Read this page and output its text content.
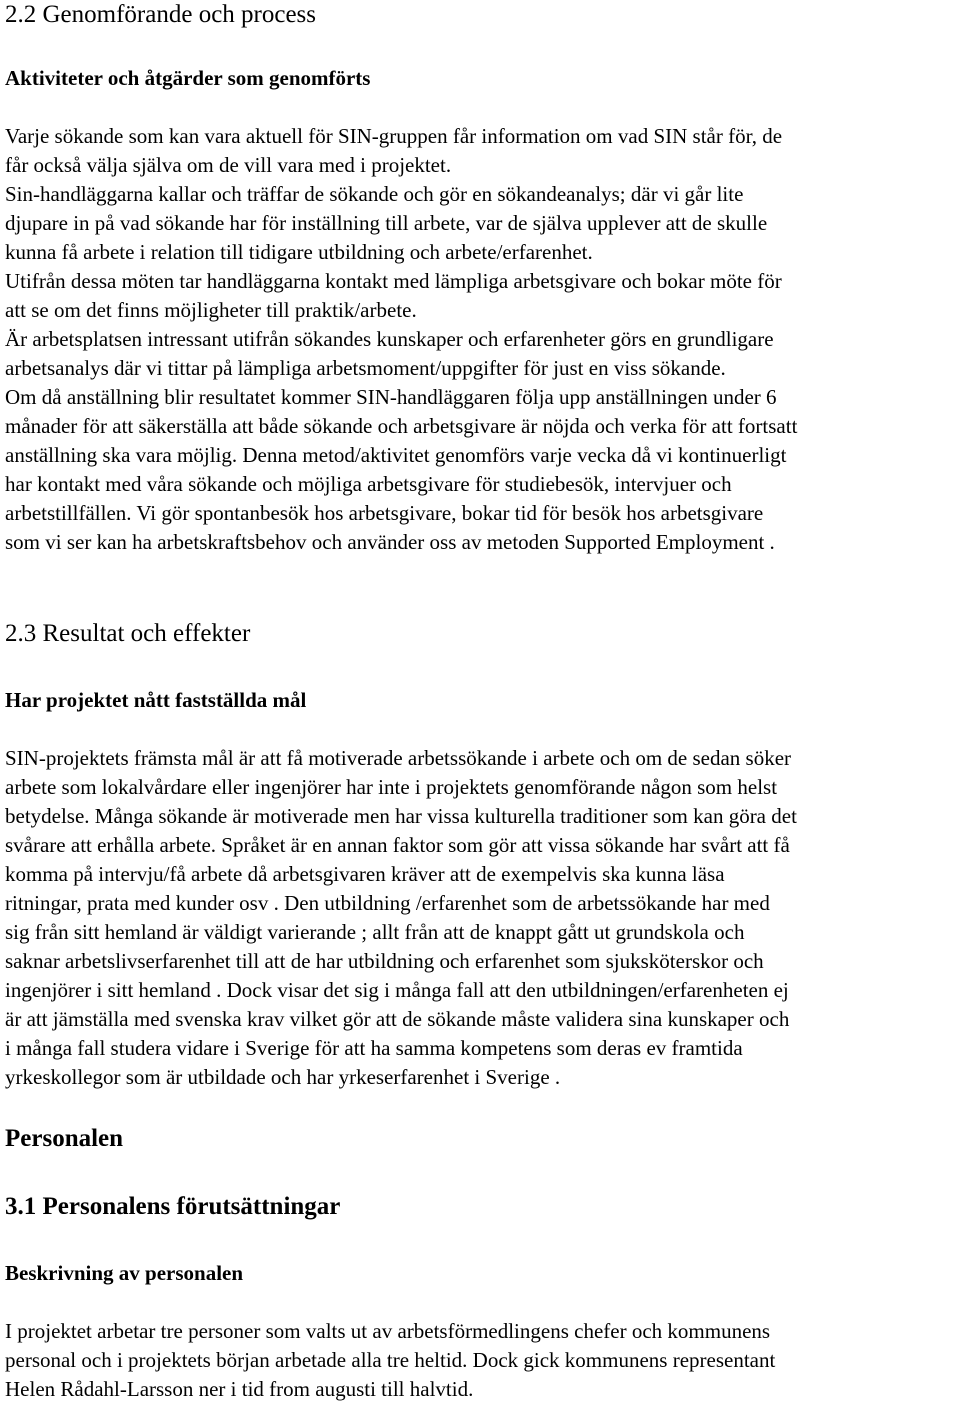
2.2 Genomförande och process
Aktiviteter och åtgärder som genomförts
Varje sökande som kan vara aktuell för SIN-gruppen får information om vad SIN står för, de
får också välja själva om de vill vara med i projektet.
Sin-handläggarna kallar och träffar de sökande och gör en sökandeanalys; där vi går lite
djupare in på vad sökande har för inställning till arbete, var de själva upplever att de skulle
kunna få arbete i relation till tidigare utbildning och arbete/erfarenhet.
Utifrån dessa möten tar handläggarna kontakt med lämpliga arbetsgivare och bokar möte för
att se om det finns möjligheter till praktik/arbete.
Är arbetsplatsen intressant utifrån sökandes kunskaper och erfarenheter görs en grundligare
arbetsanalys där vi tittar på lämpliga arbetsmoment/uppgifter för just en viss sökande.
Om då anställning blir resultatet kommer SIN-handläggaren följa upp anställningen under 6
månader för att säkerställa att både sökande och arbetsgivare är nöjda och verka för att fortsatt
anställning ska vara möjlig. Denna metod/aktivitet genomförs varje vecka då vi kontinuerligt
har kontakt med våra sökande och möjliga arbetsgivare för studiebesök, intervjuer och
arbetstillfällen. Vi gör spontanbesök hos arbetsgivare, bokar tid för besök hos arbetsgivare
som vi ser kan ha arbetskraftsbehov och använder oss av metoden Supported Employment .
2.3 Resultat och effekter
Har projektet nått fastställda mål
SIN-projektets främsta mål är att få motiverade arbetssökande i arbete och om de sedan söker
arbete som lokalvårdare eller ingenjörer har inte i projektets genomförande någon som helst
betydelse. Många sökande är motiverade men har vissa kulturella traditioner som kan göra det
svårare att erhålla arbete. Språket är en annan faktor som gör att vissa sökande har svårt att få
komma på intervju/få arbete då arbetsgivaren kräver att de exempelvis ska kunna läsa
ritningar, prata med kunder osv . Den utbildning /erfarenhet som de arbetssökande har med
sig från sitt hemland är väldigt varierande ; allt från att de knappt gått ut grundskola och
saknar arbetslivserfarenhet till att de har utbildning och erfarenhet som sjuksköterskor och
ingenjörer i sitt hemland . Dock visar det sig i många fall att den utbildningen/erfarenheten ej
är att jämställa med svenska krav vilket gör att de sökande måste validera sina kunskaper och
i många fall studera vidare i Sverige för att ha samma kompetens som deras ev framtida
yrkeskollegor som är utbildade och har yrkeserfarenhet i Sverige .
Personalen
3.1 Personalens förutsättningar
Beskrivning av personalen
I projektet arbetar tre personer som valts ut av arbetsförmedlingens chefer och kommunens
personal och i projektets början arbetade alla tre heltid. Dock gick kommunens representant
Helen Rådahl-Larsson ner i tid from augusti till halvtid.
